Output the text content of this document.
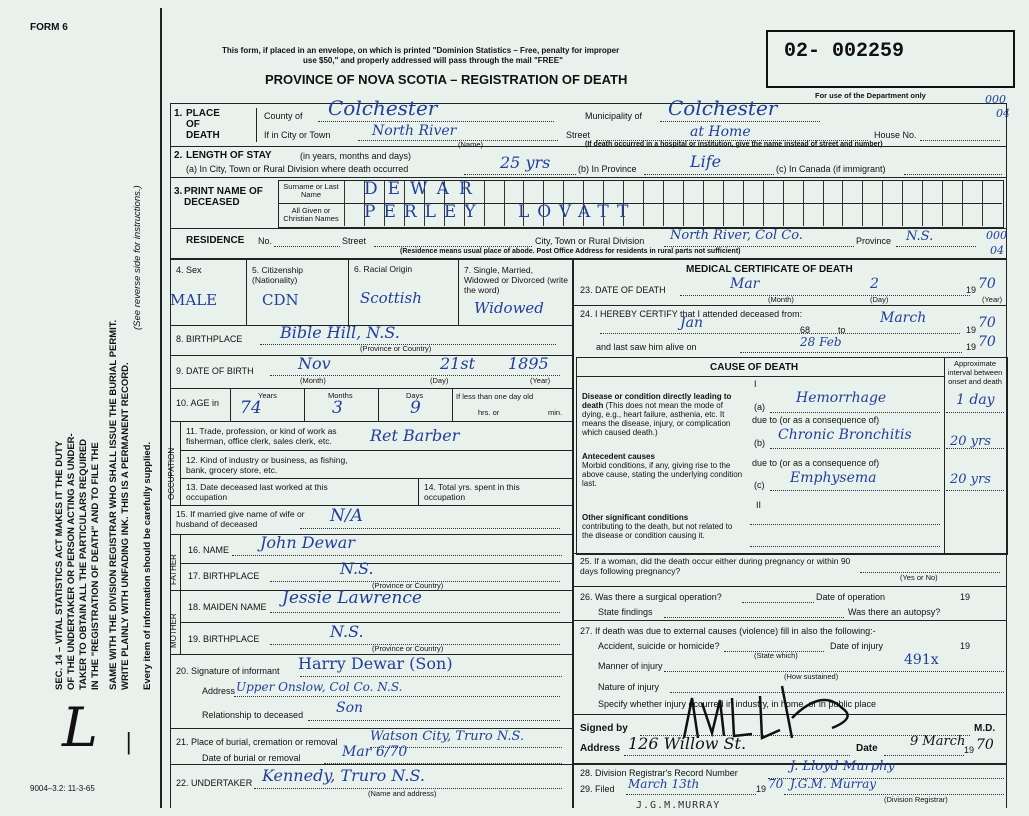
FORM 6
SEC. 14 – VITAL STATISTICS ACT MAKES IT THE DUTY OF THE UNDERTAKER OR PERSON ACTING AS UNDER- TAKER TO OBTAIN ALL THE PARTICULARS REQUIRED IN THE "REGISTRATION OF DEATH" AND TO FILE THE SAME WITH THE DIVISION REGISTRAR WHO SHALL ISSUE THE BURIAL PERMIT. WRITE PLAINLY WITH UNFADING INK. THIS IS A PERMANENT RECORD.
(See reverse side for instructions.)
Every item of information should be carefully supplied.
L |
9004–3.2: 11-3-65
This form, if placed in an envelope, on which is printed "Dominion Statistics – Free, penalty for improper
use $50," and properly addressed will pass through the mail "FREE"
PROVINCE OF NOVA SCOTIA – REGISTRATION OF DEATH
02- 002259
For use of the Department only	000
04
1. PLACE OF DEATH
County of Colchester	Municipality of Colchester
If in City or Town	North River
(Name)
Street	at Home	House No.
(If death occurred in a hospital or institution, give the name instead of street and number)
2. LENGTH OF STAY	(in years, months and days)
(a) In City, Town or Rural Division where death occurred	25 yrs	(b) In Province	Life	(c) In Canada (if immigrant)
3. PRINT NAME OF DECEASED
Surname or Last Name
All Given or Christian Names
DEWAR
PERLEY LOVATT
RESIDENCE No.	Street	City, Town or Rural Division North River, Col Co.	Province N.S.	000
04
(Residence means usual place of abode. Post Office Address for residents in rural parts not sufficient)
4. Sex
MALE
5. Citizenship (Nationality)
CDN
6. Racial Origin
Scottish
7. Single, Married, Widowed or Divorced (write the word)
Widowed
8. BIRTHPLACE Bible Hill, N.S.
(Province or Country)
9. DATE OF BIRTH	Nov	21st 1895
(Month)	(Day)	(Year)
10. AGE in
Years	Months	Days
74	3	9
If less than one day old
hrs. or	min.
OCCUPATION
11. Trade, profession, or kind of work as fisherman, office clerk, sales clerk, etc.	Ret Barber
12. Kind of industry or business, as fishing, bank, grocery store, etc.
13. Date deceased last worked at this occupation
14. Total yrs. spent in this occupation
15. If married give name of wife or husband of deceased	N/A
FATHER
16. NAME John Dewar
17. BIRTHPLACE	N.S.
(Province or Country)
MOTHER
18. MAIDEN NAME Jessie Lawrence
19. BIRTHPLACE	N.S.
(Province or Country)
20. Signature of informant Harry Dewar (Son)
Address Upper Onslow, Col Co. N.S.
Relationship to deceased Son
21. Place of burial, cremation or removal Watson City, Truro N.S.
Date of burial or removal	Mar 6/70
22. UNDERTAKER Kennedy, Truro N.S.
(Name and address)
MEDICAL CERTIFICATE OF DEATH
23. DATE OF DEATH	Mar	2	19 70
(Month)	(Day)	(Year)
24. I HEREBY CERTIFY that I attended deceased from:
Jan	68	to
March
19 70
and last saw him alive on	28 Feb	19 70
CAUSE OF DEATH	Approximate interval between onset and death
I
Disease or condition directly leading to death (This does not mean the mode of dying, e.g., heart failure, asthenia, etc. It means the disease, injury, or complication which caused death.)
(a)
Hemorrhage	1 day
due to (or as a consequence of)
Antecedent causes
Morbid conditions, if any, giving rise to the above cause, stating the underlying condition last.
(b) Chronic Bronchitis	20 yrs
due to (or as a consequence of)
(c) Emphysema	20 yrs
II
Other significant conditions
contributing to the death, but not related to the disease or condition causing it.
25. If a woman, did the death occur either during pregnancy or within 90 days following pregnancy?
(Yes or No)
26. Was there a surgical operation?	Date of operation	19
State findings	Was there an autopsy?
27. If death was due to external causes (violence) fill in also the following:-
Accident, suicide or homicide?
(State which)
Date of injury	19
Manner of injury	491x
(How sustained)
Nature of injury
Specify whether injury occurred in industry, in home, or in public place
Signed by	M.D.
Address 126 Willow St.	Date 9 March
19 70
28. Division Registrar's Record Number	J. Lloyd Murphy
29. Filed March 13th	19 70 J.G.M. Murray
(Division Registrar)
J.G.M.MURRAY
